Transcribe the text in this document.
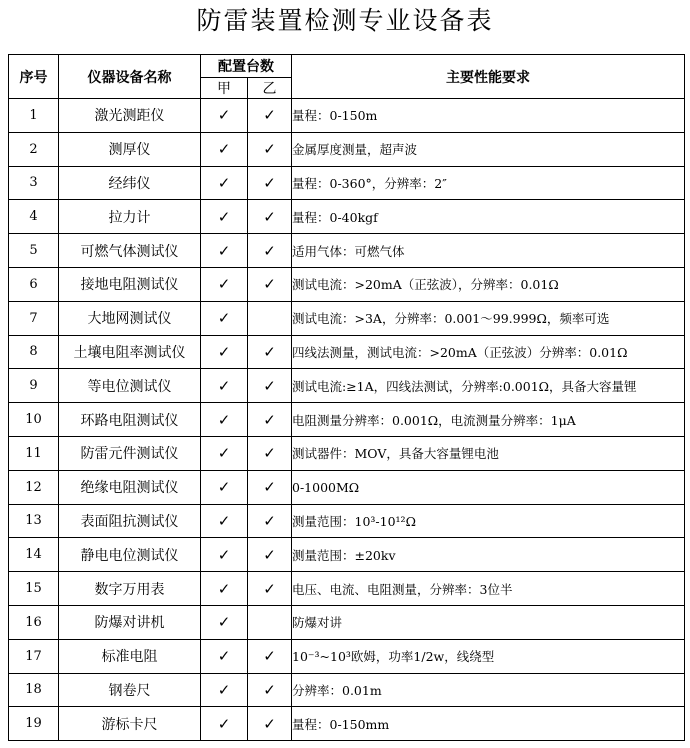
防雷装置检测专业设备表
序号	仪器设备名称	配置台数		主要性能要求
		甲	乙	
1	激光测距仪	✓	✓	量程：0-150m
2	测厚仪	✓	✓	金属厚度测量，超声波
3	经纬仪	✓	✓	量程：0-360°，分辨率：2″
4	拉力计	✓	✓	量程：0-40kgf
5	可燃气体测试仪	✓	✓	适用气体：可燃气体
6	接地电阻测试仪	✓	✓	测试电流：>20mA（正弦波），分辨率：0.01Ω
7	大地网测试仪	✓		测试电流：>3A，分辨率：0.001～99.999Ω，频率可选
8	土壤电阻率测试仪	✓	✓	四线法测量，测试电流：>20mA（正弦波）分辨率：0.01Ω
9	等电位测试仪	✓	✓	测试电流:≥1A，四线法测试，分辨率:0.001Ω，具备大容量锂
10	环路电阻测试仪	✓	✓	电阻测量分辨率：0.001Ω，电流测量分辨率：1μA
11	防雷元件测试仪	✓	✓	测试器件：MOV，具备大容量锂电池
12	绝缘电阻测试仪	✓	✓	0-1000MΩ
13	表面阻抗测试仪	✓	✓	测量范围：10³-10¹²Ω
14	静电电位测试仪	✓	✓	测量范围：±20kv
15	数字万用表	✓	✓	电压、电流、电阻测量，分辨率：3位半
16	防爆对讲机	✓		防爆对讲
17	标准电阻	✓	✓	10⁻³~10³欧姆，功率1/2w，线绕型
18	钢卷尺	✓	✓	分辨率：0.01m
19	游标卡尺	✓	✓	量程：0-150mm
